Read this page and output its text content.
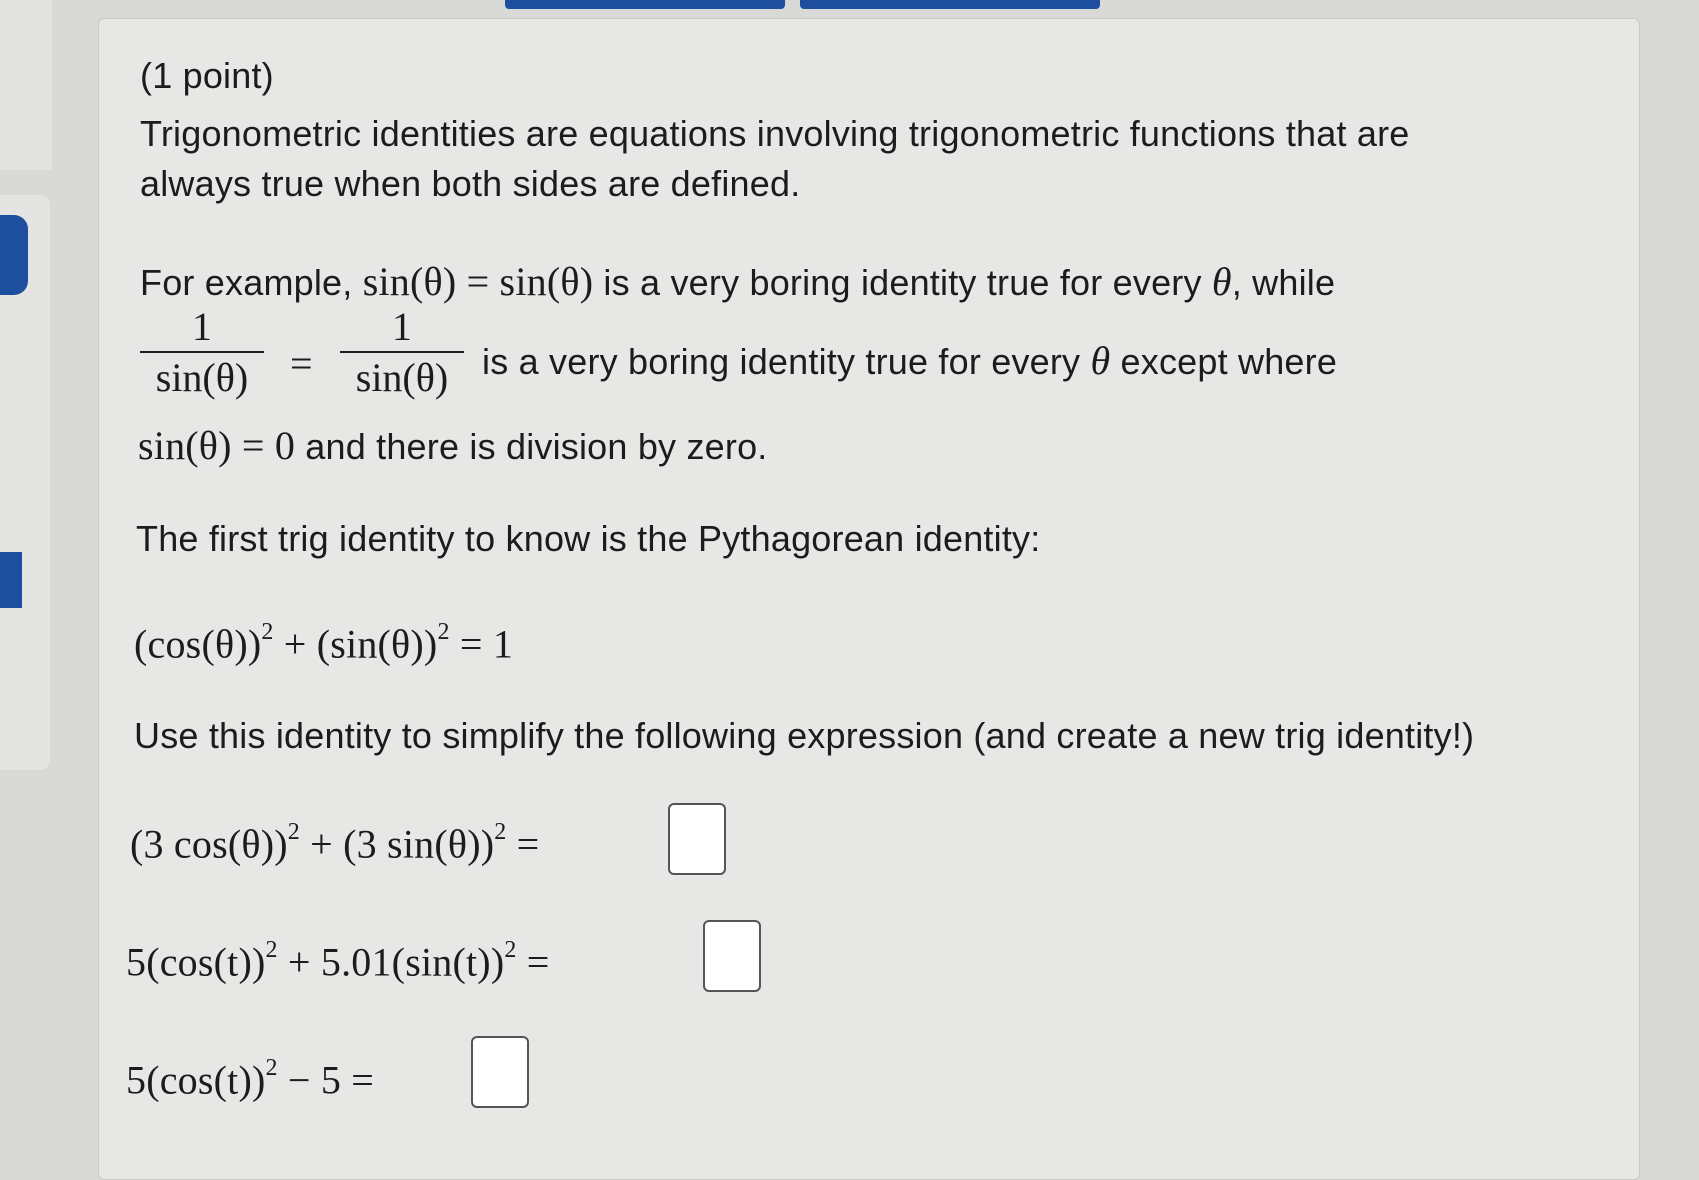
(1 point)
Trigonometric identities are equations involving trigonometric functions that are
always true when both sides are defined.
For example, sin(θ) = sin(θ) is a very boring identity true for every θ, while
1
sin(θ)	=
1
sin(θ) is a very boring identity true for every θ except where
sin(θ) = 0 and there is division by zero.
The first trig identity to know is the Pythagorean identity:
$(\cos(\theta))^2 + (\sin(\theta))^2 = 1$
Use this identity to simplify the following expression (and create a new trig identity!)
(3 cos(θ))$^2$ + (3 sin(θ))$^2$ =
$5(\cos(t))^2 + 5.01(\sin(t))^2$ =
$5(\cos(t))^2 - 5$ =
